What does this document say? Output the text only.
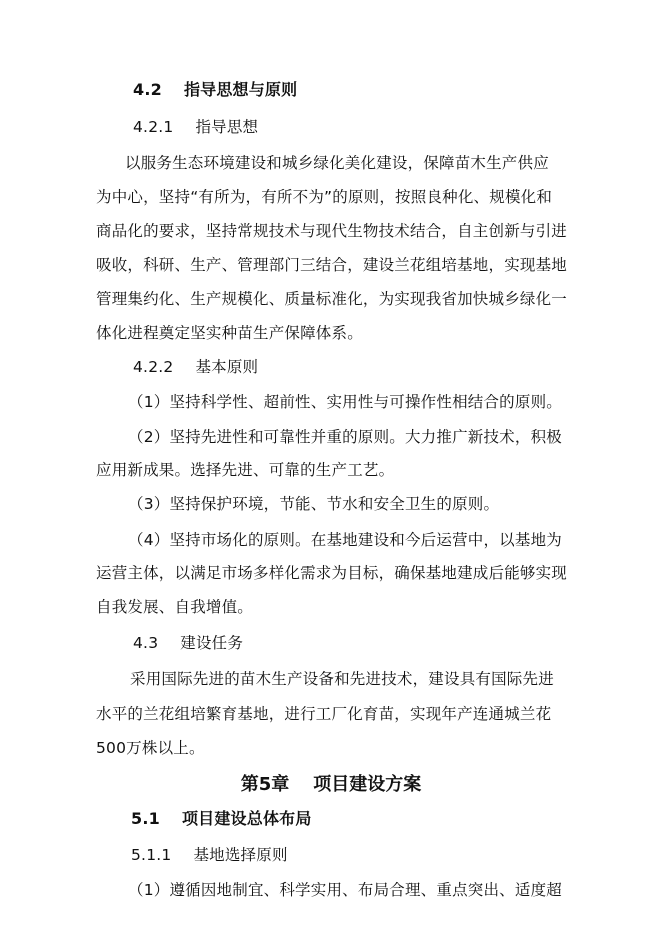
4.2 指导思想与原则
4.2.1 指导思想
以服务生态环境建设和城乡绿化美化建设，保障苗木生产供应
为中心，坚持“有所为，有所不为”的原则，按照良种化、规模化和
商品化的要求，坚持常规技术与现代生物技术结合，自主创新与引进
吸收，科研、生产、管理部门三结合，建设兰花组培基地，实现基地
管理集约化、生产规模化、质量标准化，为实现我省加快城乡绿化一
体化进程奠定坚实种苗生产保障体系。
4.2.2 基本原则
（1）坚持科学性、超前性、实用性与可操作性相结合的原则。
（2）坚持先进性和可靠性并重的原则。大力推广新技术，积极
应用新成果。选择先进、可靠的生产工艺。
（3）坚持保护环境，节能、节水和安全卫生的原则。
（4）坚持市场化的原则。在基地建设和今后运营中，以基地为
运营主体，以满足市场多样化需求为目标，确保基地建成后能够实现
自我发展、自我增值。
4.3 建设任务
采用国际先进的苗木生产设备和先进技术，建设具有国际先进
水平的兰花组培繁育基地，进行工厂化育苗，实现年产连通城兰花
500万株以上。
第5章 项目建设方案
5.1 项目建设总体布局
5.1.1 基地选择原则
（1）遵循因地制宜、科学实用、布局合理、重点突出、适度超
